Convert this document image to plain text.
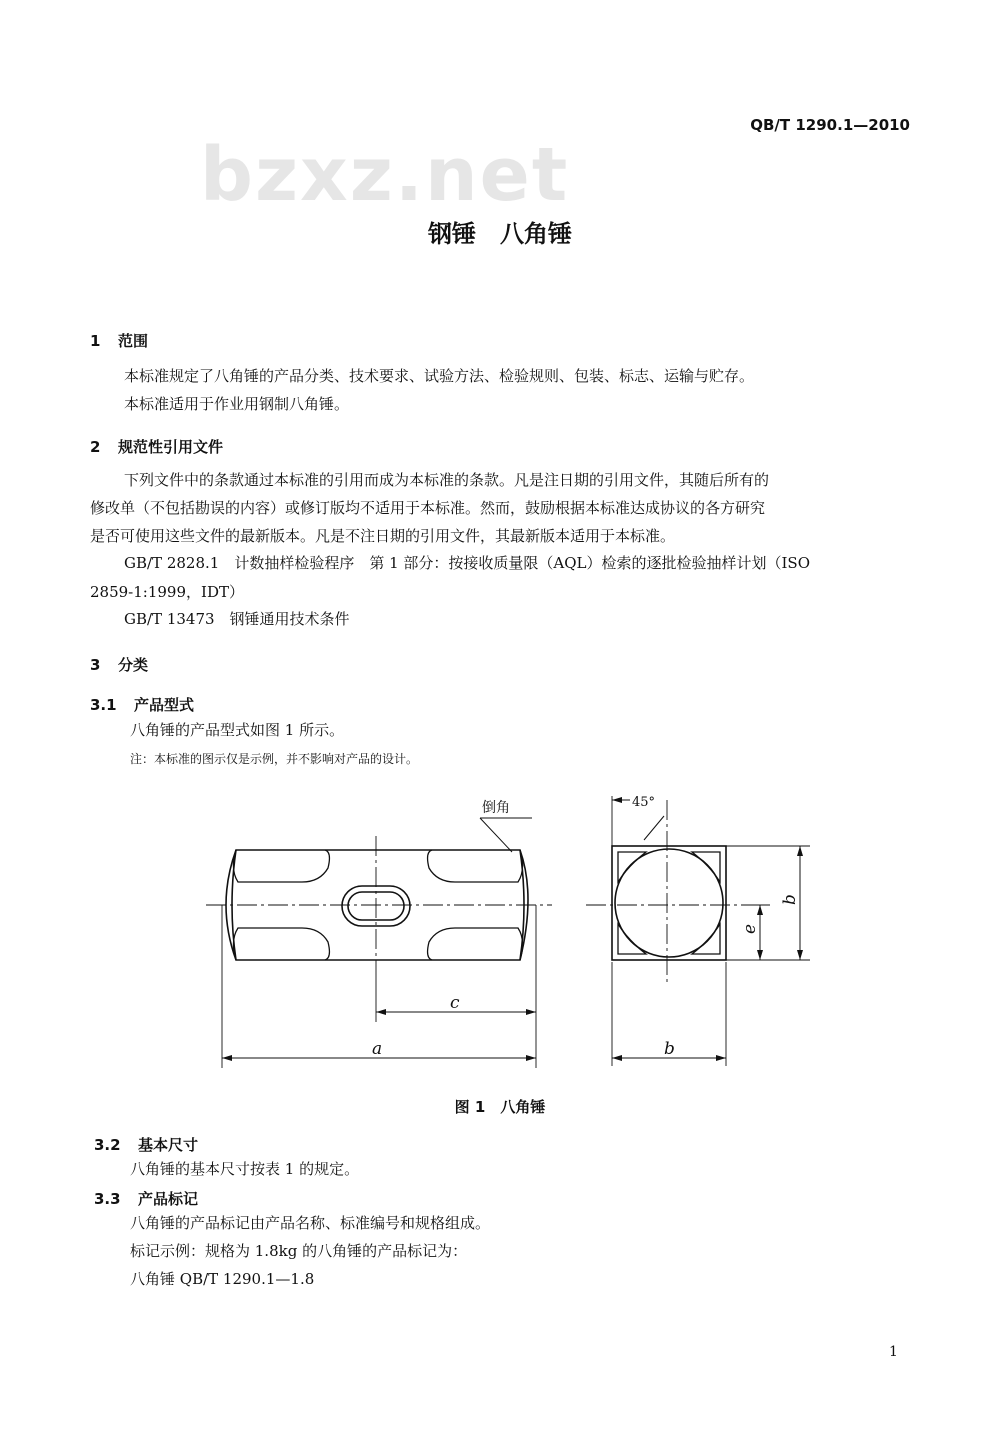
QB/T 1290.1—2010
bzxz.net
钢锤　八角锤
1 范围
本标准规定了八角锤的产品分类、技术要求、试验方法、检验规则、包装、标志、运输与贮存。
本标准适用于作业用钢制八角锤。
2 规范性引用文件
下列文件中的条款通过本标准的引用而成为本标准的条款。凡是注日期的引用文件，其随后所有的
修改单（不包括勘误的内容）或修订版均不适用于本标准。然而，鼓励根据本标准达成协议的各方研究
是否可使用这些文件的最新版本。凡是不注日期的引用文件，其最新版本适用于本标准。
GB/T 2828.1　计数抽样检验程序　第 1 部分：按接收质量限（AQL）检索的逐批检验抽样计划（ISO
2859-1:1999，IDT）
GB/T 13473　钢锤通用技术条件
3 分类
3.1 产品型式
八角锤的产品型式如图 1 所示。
注：本标准的图示仅是示例，并不影响对产品的设计。
倒角	45°
c
a	b
b
e
图 1　八角锤
3.2 基本尺寸
八角锤的基本尺寸按表 1 的规定。
3.3 产品标记
八角锤的产品标记由产品名称、标准编号和规格组成。
标记示例：规格为 1.8kg 的八角锤的产品标记为：
八角锤 QB/T 1290.1—1.8
1
